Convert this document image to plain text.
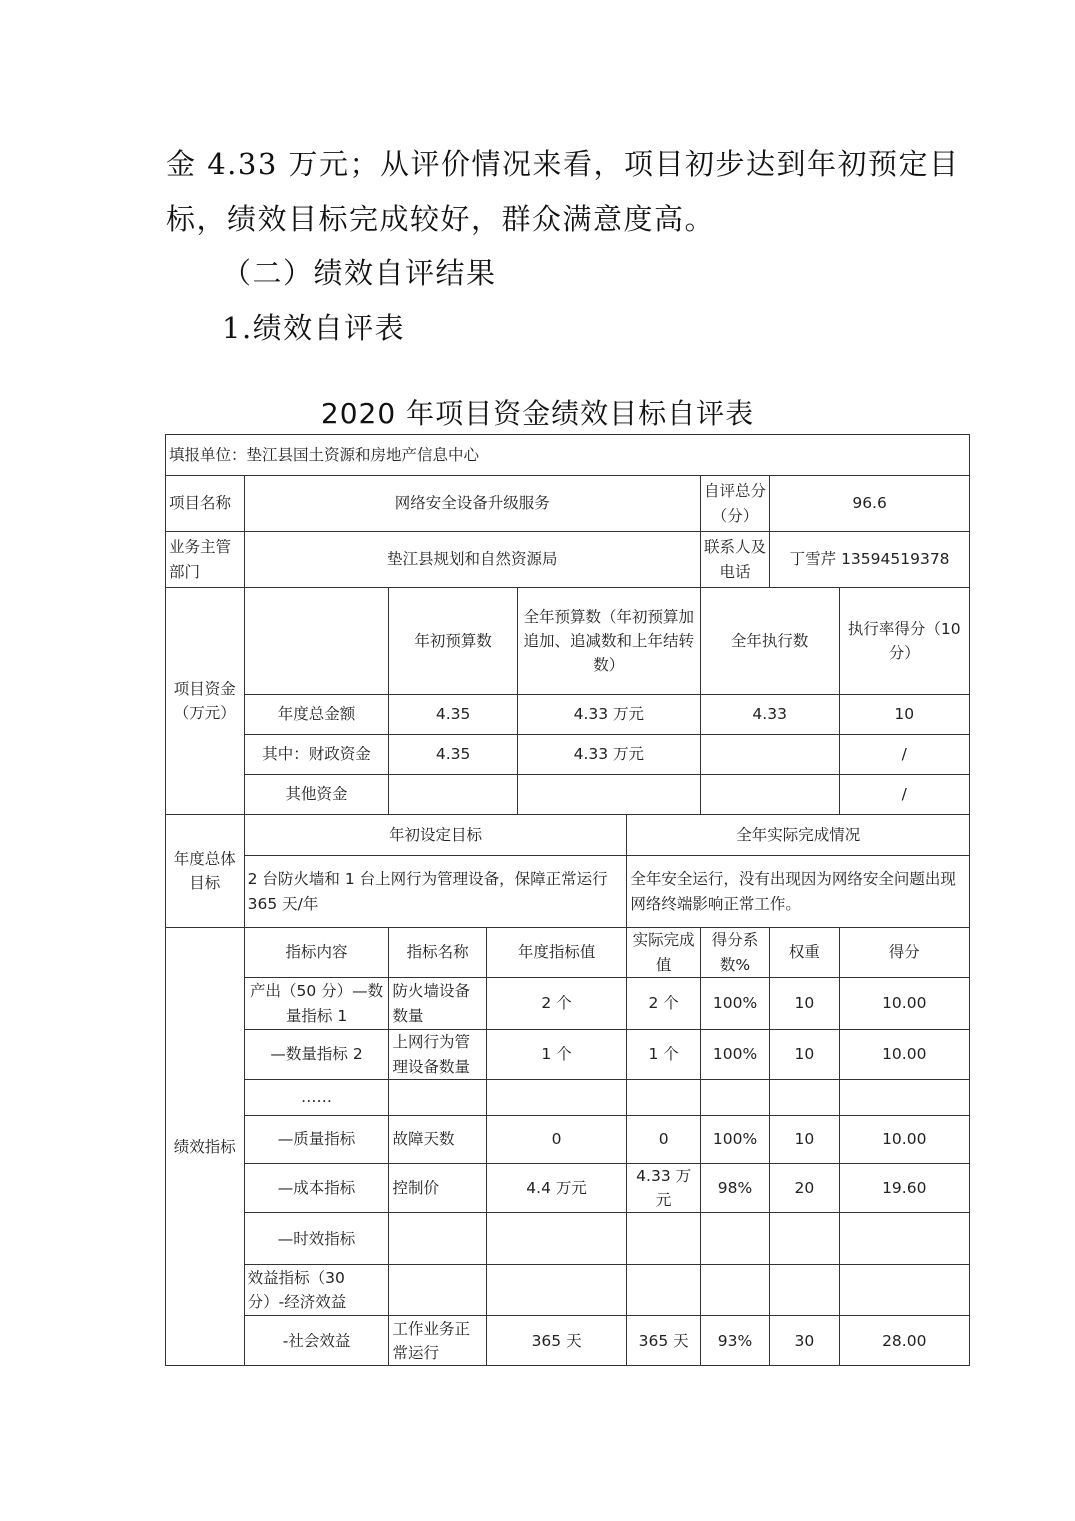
金 4.33 万元；从评价情况来看，项目初步达到年初预定目
标，绩效目标完成较好，群众满意度高。
（二）绩效自评结果
1.绩效自评表
2020 年项目资金绩效目标自评表
填报单位：垫江县国土资源和房地产信息中心								
项目名称	网络安全设备升级服务					自评总分（分）	96.6	
业务主管部门	垫江县规划和自然资源局					联系人及电话	丁雪芹 13594519378	
项目资金（万元）		年初预算数		全年预算数（年初预算加追加、追减数和上年结转数）		全年执行数		执行率得分（10 分）
	年度总金额	4.35		4.33 万元		4.33		10
	其中：财政资金	4.35		4.33 万元				/
	其他资金							/
年度总体目标	年初设定目标				全年实际完成情况			
	2 台防火墙和 1 台上网行为管理设备，保障正常运行 365 天/年				全年安全运行，没有出现因为网络安全问题出现网络终端影响正常工作。			
绩效指标	指标内容	指标名称	年度指标值		实际完成值	得分系数%	权重	得分
	产出（50 分）—数量指标 1	防火墙设备数量	2 个		2 个	100%	10	10.00
	—数量指标 2	上网行为管理设备数量	1 个		1 个	100%	10	10.00
	……							
	—质量指标	故障天数	0		0	100%	10	10.00
	—成本指标	控制价	4.4 万元		4.33 万元	98%	20	19.60
	—时效指标							
	效益指标（30 分）-经济效益							
	-社会效益	工作业务正常运行	365 天		365 天	93%	30	28.00
